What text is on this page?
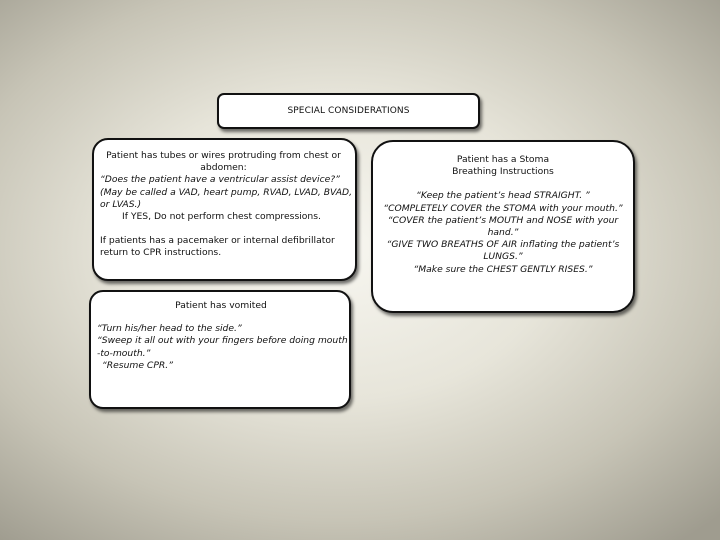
SPECIAL CONSIDERATIONS
Patient has tubes or wires protruding from chest or
abdomen:
“Does the patient have a ventricular assist device?”
(May be called a VAD, heart pump, RVAD, LVAD, BVAD,
or LVAS.)
If YES, Do not perform chest compressions.
If patients has a pacemaker or internal defibrillator
return to CPR instructions.
Patient has a Stoma
Breathing Instructions
“Keep the patient’s head STRAIGHT. ”
“COMPLETELY COVER the STOMA with your mouth.”
“COVER the patient’s MOUTH and NOSE with your
hand.”
“GIVE TWO BREATHS OF AIR inflating the patient’s
LUNGS.”
“Make sure the CHEST GENTLY RISES.”
Patient has vomited
“Turn his/her head to the side.”
“Sweep it all out with your fingers before doing mouth
-to-mouth.”
“Resume CPR.”
